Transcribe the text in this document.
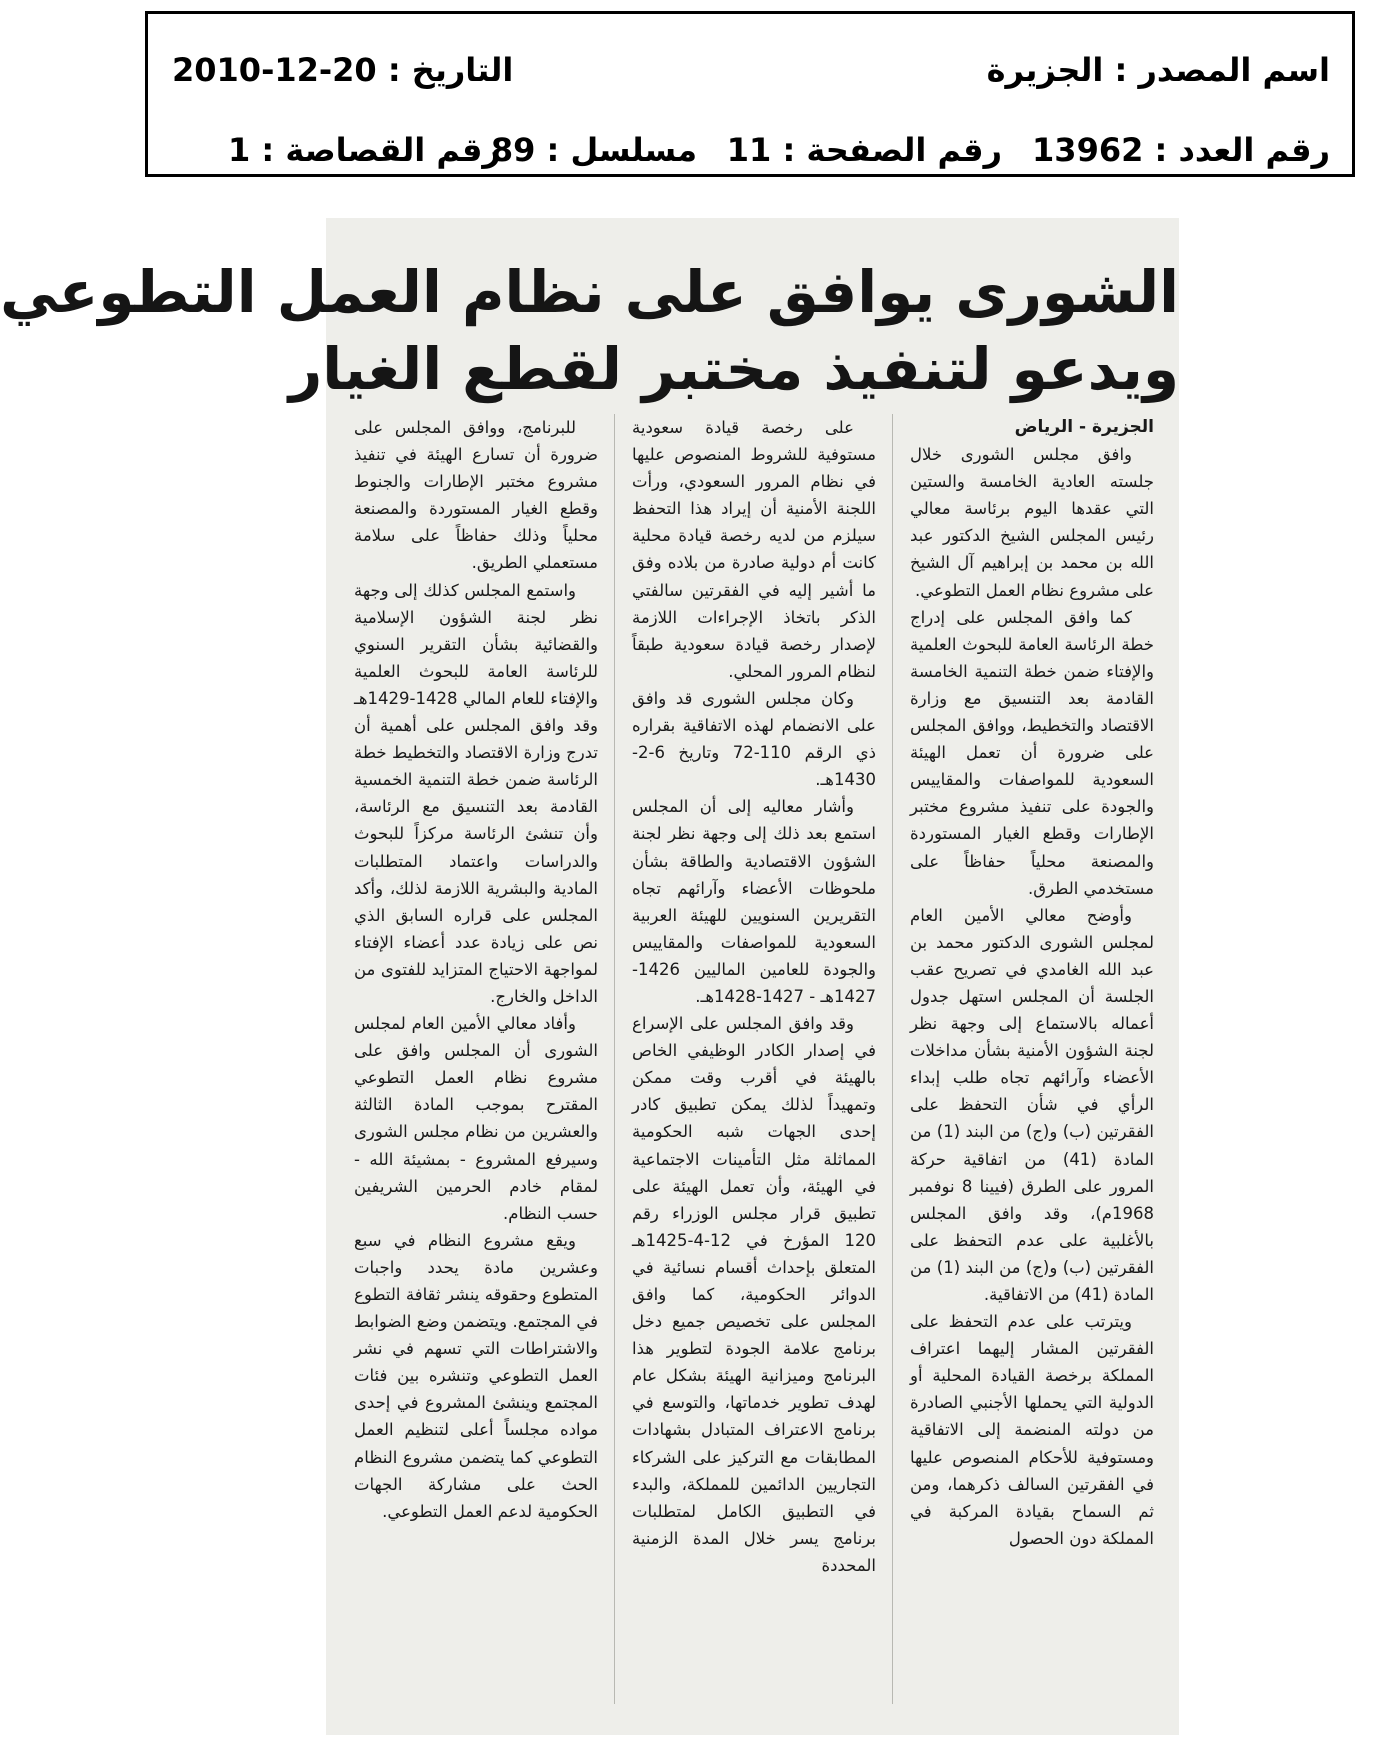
اسم المصدر : الجزيرة
التاريخ : 20-12-2010
رقم العدد : 13962
رقم الصفحة : 11
مسلسل : 89
رقم القصاصة : 1
الشورى يوافق على نظام العمل التطوعي
ويدعو لتنفيذ مختبر لقطع الغيار

الجزيرة - الرياض

وافق مجلس الشورى خلال جلسته العادية الخامسة والستين التي عقدها اليوم برئاسة معالي رئيس المجلس الشيخ الدكتور عبد الله بن محمد بن إبراهيم آل الشيخ على مشروع نظام العمل التطوعي.

كما وافق المجلس على إدراج خطة الرئاسة العامة للبحوث العلمية والإفتاء ضمن خطة التنمية الخامسة القادمة بعد التنسيق مع وزارة الاقتصاد والتخطيط، ووافق المجلس على ضرورة أن تعمل الهيئة السعودية للمواصفات والمقاييس والجودة على تنفيذ مشروع مختبر الإطارات وقطع الغيار المستوردة والمصنعة محلياً حفاظاً على مستخدمي الطرق.

وأوضح معالي الأمين العام لمجلس الشورى الدكتور محمد بن عبد الله الغامدي في تصريح عقب الجلسة أن المجلس استهل جدول أعماله بالاستماع إلى وجهة نظر لجنة الشؤون الأمنية بشأن مداخلات الأعضاء وآرائهم تجاه طلب إبداء الرأي في شأن التحفظ على الفقرتين (ب) و(ج) من البند (1) من المادة (41) من اتفاقية حركة المرور على الطرق (فيينا 8 نوفمبر 1968م)، وقد وافق المجلس بالأغلبية على عدم التحفظ على الفقرتين (ب) و(ج) من البند (1) من المادة (41) من الاتفاقية.

ويترتب على عدم التحفظ على الفقرتين المشار إليهما اعتراف المملكة برخصة القيادة المحلية أو الدولية التي يحملها الأجنبي الصادرة من دولته المنضمة إلى الاتفاقية ومستوفية للأحكام المنصوص عليها في الفقرتين السالف ذكرهما، ومن ثم السماح بقيادة المركبة في المملكة دون الحصول

على رخصة قيادة سعودية مستوفية للشروط المنصوص عليها في نظام المرور السعودي، ورأت اللجنة الأمنية أن إيراد هذا التحفظ سيلزم من لديه رخصة قيادة محلية كانت أم دولية صادرة من بلاده وفق ما أشير إليه في الفقرتين سالفتي الذكر باتخاذ الإجراءات اللازمة لإصدار رخصة قيادة سعودية طبقاً لنظام المرور المحلي.

وكان مجلس الشورى قد وافق على الانضمام لهذه الاتفاقية بقراره ذي الرقم 110-72 وتاريخ 6-2-1430هـ.

وأشار معاليه إلى أن المجلس استمع بعد ذلك إلى وجهة نظر لجنة الشؤون الاقتصادية والطاقة بشأن ملحوظات الأعضاء وآرائهم تجاه التقريرين السنويين للهيئة العربية السعودية للمواصفات والمقاييس والجودة للعامين الماليين 1426- 1427هـ - 1427-1428هـ.

وقد وافق المجلس على الإسراع في إصدار الكادر الوظيفي الخاص بالهيئة في أقرب وقت ممكن وتمهيداً لذلك يمكن تطبيق كادر إحدى الجهات شبه الحكومية المماثلة مثل التأمينات الاجتماعية في الهيئة، وأن تعمل الهيئة على تطبيق قرار مجلس الوزراء رقم 120 المؤرخ في 12-4-1425هـ المتعلق بإحداث أقسام نسائية في الدوائر الحكومية، كما وافق المجلس على تخصيص جميع دخل برنامج علامة الجودة لتطوير هذا البرنامج وميزانية الهيئة بشكل عام لهدف تطوير خدماتها، والتوسع في برنامج الاعتراف المتبادل بشهادات المطابقات مع التركيز على الشركاء التجاريين الدائمين للمملكة، والبدء في التطبيق الكامل لمتطلبات برنامج يسر خلال المدة الزمنية المحددة

للبرنامج، ووافق المجلس على ضرورة أن تسارع الهيئة في تنفيذ مشروع مختبر الإطارات والجنوط وقطع الغيار المستوردة والمصنعة محلياً وذلك حفاظاً على سلامة مستعملي الطريق.

واستمع المجلس كذلك إلى وجهة نظر لجنة الشؤون الإسلامية والقضائية بشأن التقرير السنوي للرئاسة العامة للبحوث العلمية والإفتاء للعام المالي 1428-1429هـ وقد وافق المجلس على أهمية أن تدرج وزارة الاقتصاد والتخطيط خطة الرئاسة ضمن خطة التنمية الخمسية القادمة بعد التنسيق مع الرئاسة، وأن تنشئ الرئاسة مركزاً للبحوث والدراسات واعتماد المتطلبات المادية والبشرية اللازمة لذلك، وأكد المجلس على قراره السابق الذي نص على زيادة عدد أعضاء الإفتاء لمواجهة الاحتياج المتزايد للفتوى من الداخل والخارج.

وأفاد معالي الأمين العام لمجلس الشورى أن المجلس وافق على مشروع نظام العمل التطوعي المقترح بموجب المادة الثالثة والعشرين من نظام مجلس الشورى وسيرفع المشروع - بمشيئة الله - لمقام خادم الحرمين الشريفين حسب النظام.

ويقع مشروع النظام في سبع وعشرين مادة يحدد واجبات المتطوع وحقوقه ينشر ثقافة التطوع في المجتمع. ويتضمن وضع الضوابط والاشتراطات التي تسهم في نشر العمل التطوعي وتنشره بين فئات المجتمع وينشئ المشروع في إحدى مواده مجلساً أعلى لتنظيم العمل التطوعي كما يتضمن مشروع النظام الحث على مشاركة الجهات الحكومية لدعم العمل التطوعي.
